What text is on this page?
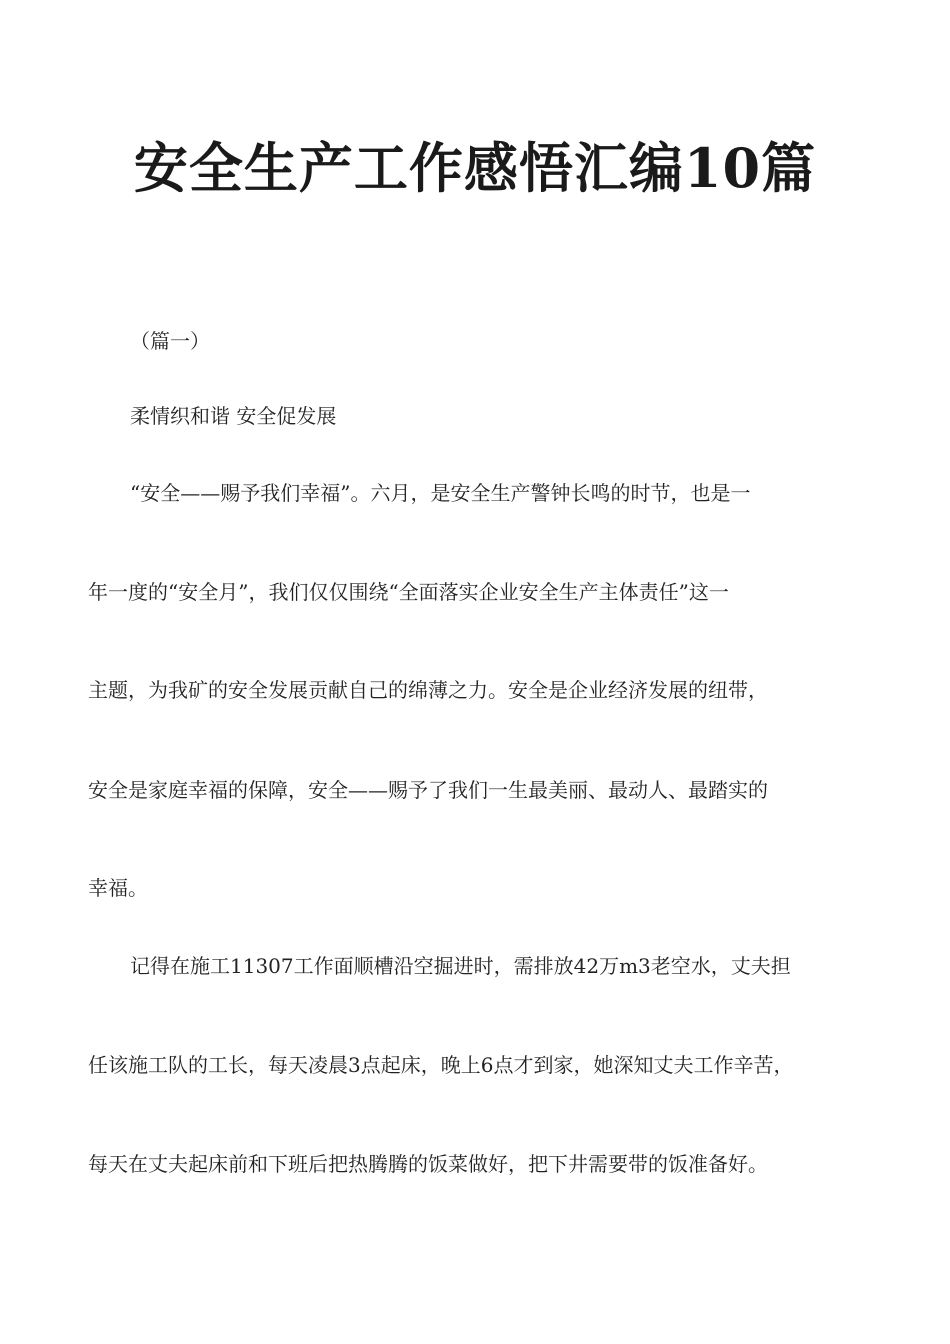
安全生产工作感悟汇编10篇

（篇一）

柔情织和谐 安全促发展

“安全——赐予我们幸福”。六月，是安全生产警钟长鸣的时节，也是一

年一度的“安全月”，我们仅仅围绕“全面落实企业安全生产主体责任”这一

主题，为我矿的安全发展贡献自己的绵薄之力。安全是企业经济发展的纽带，

安全是家庭幸福的保障，安全——赐予了我们一生最美丽、最动人、最踏实的

幸福。

记得在施工11307工作面顺槽沿空掘进时，需排放42万m3老空水，丈夫担

任该施工队的工长，每天凌晨3点起床，晚上6点才到家，她深知丈夫工作辛苦，

每天在丈夫起床前和下班后把热腾腾的饭菜做好，把下井需要带的饭准备好。
